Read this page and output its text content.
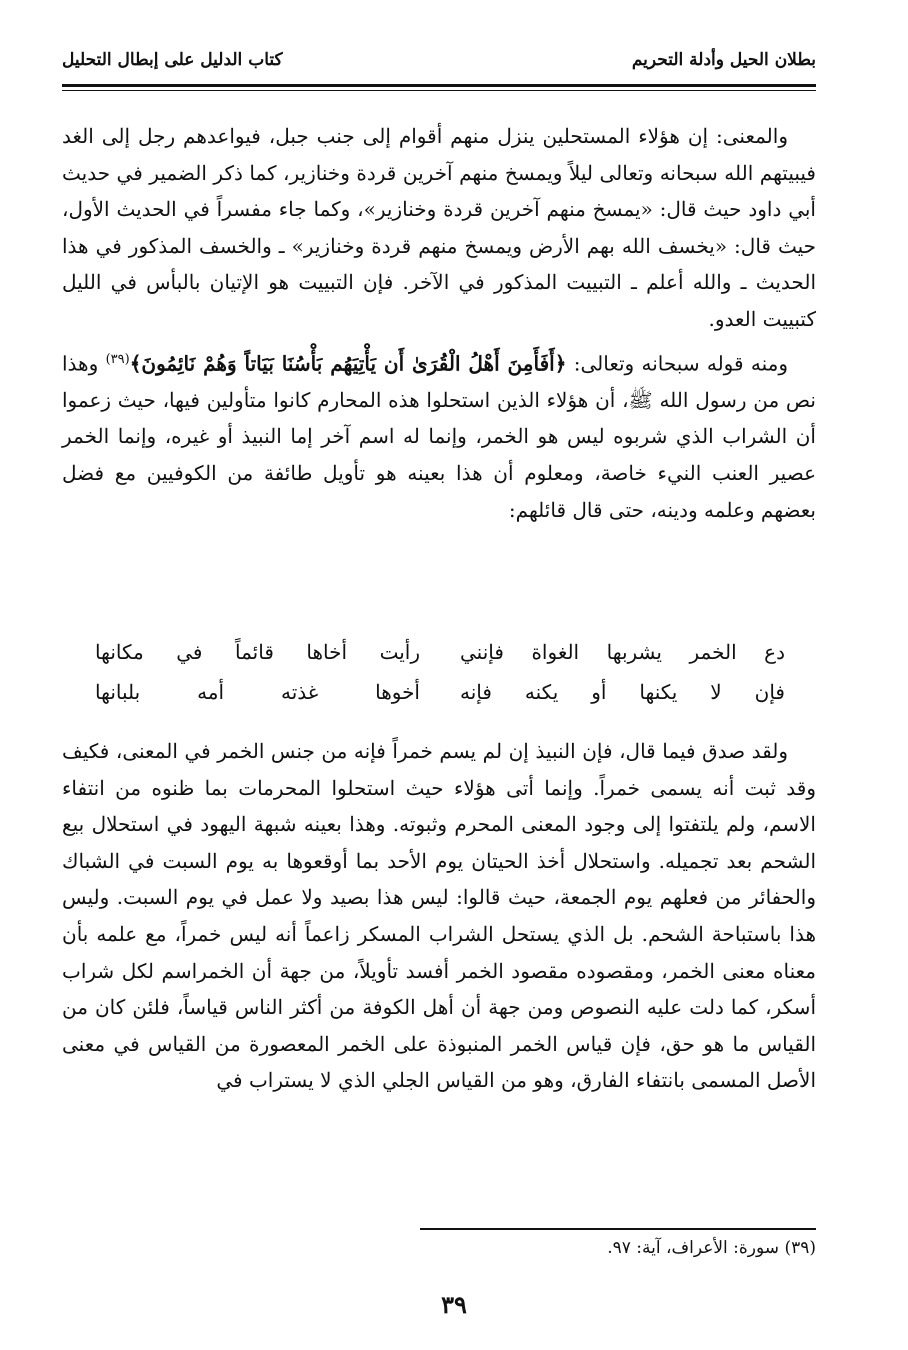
بطلان الحيل وأدلة التحريم
كتاب الدليل على إبطال التحليل

والمعنى: إن هؤلاء المستحلين ينزل منهم أقوام إلى جنب جبل، فيواعدهم رجل إلى الغد فيبيتهم الله سبحانه وتعالى ليلاً ويمسخ منهم آخرين قردة وخنازير، كما ذكر الضمير في حديث أبي داود حيث قال: «يمسخ منهم آخرين قردة وخنازير»، وكما جاء مفسراً في الحديث الأول، حيث قال: «يخسف الله بهم الأرض ويمسخ منهم قردة وخنازير» ـ والخسف المذكور في هذا الحديث ـ والله أعلم ـ التبييت المذكور في الآخر. فإن التبييت هو الإتيان بالبأس في الليل كتبييت العدو.

ومنه قوله سبحانه وتعالى: ﴿أَفَأَمِنَ أَهْلُ الْقُرَىٰ أَن يَأْتِيَهُم بَأْسُنَا بَيَاتاً وَهُمْ نَائِمُونَ﴾$^{(٣٩)}$ وهذا نص من رسول الله ﷺ، أن هؤلاء الذين استحلوا هذه المحارم كانوا متأولين فيها، حيث زعموا أن الشراب الذي شربوه ليس هو الخمر، وإنما له اسم آخر إما النبيذ أو غيره، وإنما الخمر عصير العنب النيء خاصة، ومعلوم أن هذا بعينه هو تأويل طائفة من الكوفيين مع فضل بعضهم وعلمه ودينه، حتى قال قائلهم:

دع الخمر يشربها الغواة فإنني
رأيت أخاها قائماً في مكانها
فإن لا يكنها أو يكنه فإنه
أخوها غذته أمه بلبانها

ولقد صدق فيما قال، فإن النبيذ إن لم يسم خمراً فإنه من جنس الخمر في المعنى، فكيف وقد ثبت أنه يسمى خمراً. وإنما أتى هؤلاء حيث استحلوا المحرمات بما ظنوه من انتفاء الاسم، ولم يلتفتوا إلى وجود المعنى المحرم وثبوته. وهذا بعينه شبهة اليهود في استحلال بيع الشحم بعد تجميله. واستحلال أخذ الحيتان يوم الأحد بما أوقعوها به يوم السبت في الشباك والحفائر من فعلهم يوم الجمعة، حيث قالوا: ليس هذا بصيد ولا عمل في يوم السبت. وليس هذا باستباحة الشحم. بل الذي يستحل الشراب المسكر زاعماً أنه ليس خمراً، مع علمه بأن معناه معنى الخمر، ومقصوده مقصود الخمر أفسد تأويلاً، من جهة أن الخمراسم لكل شراب أسكر، كما دلت عليه النصوص ومن جهة أن أهل الكوفة من أكثر الناس قياساً، فلئن كان من القياس ما هو حق، فإن قياس الخمر المنبوذة على الخمر المعصورة من القياس في معنى الأصل المسمى بانتفاء الفارق، وهو من القياس الجلي الذي لا يستراب في

(٣٩) سورة: الأعراف، آية: ٩٧.
٣٩
